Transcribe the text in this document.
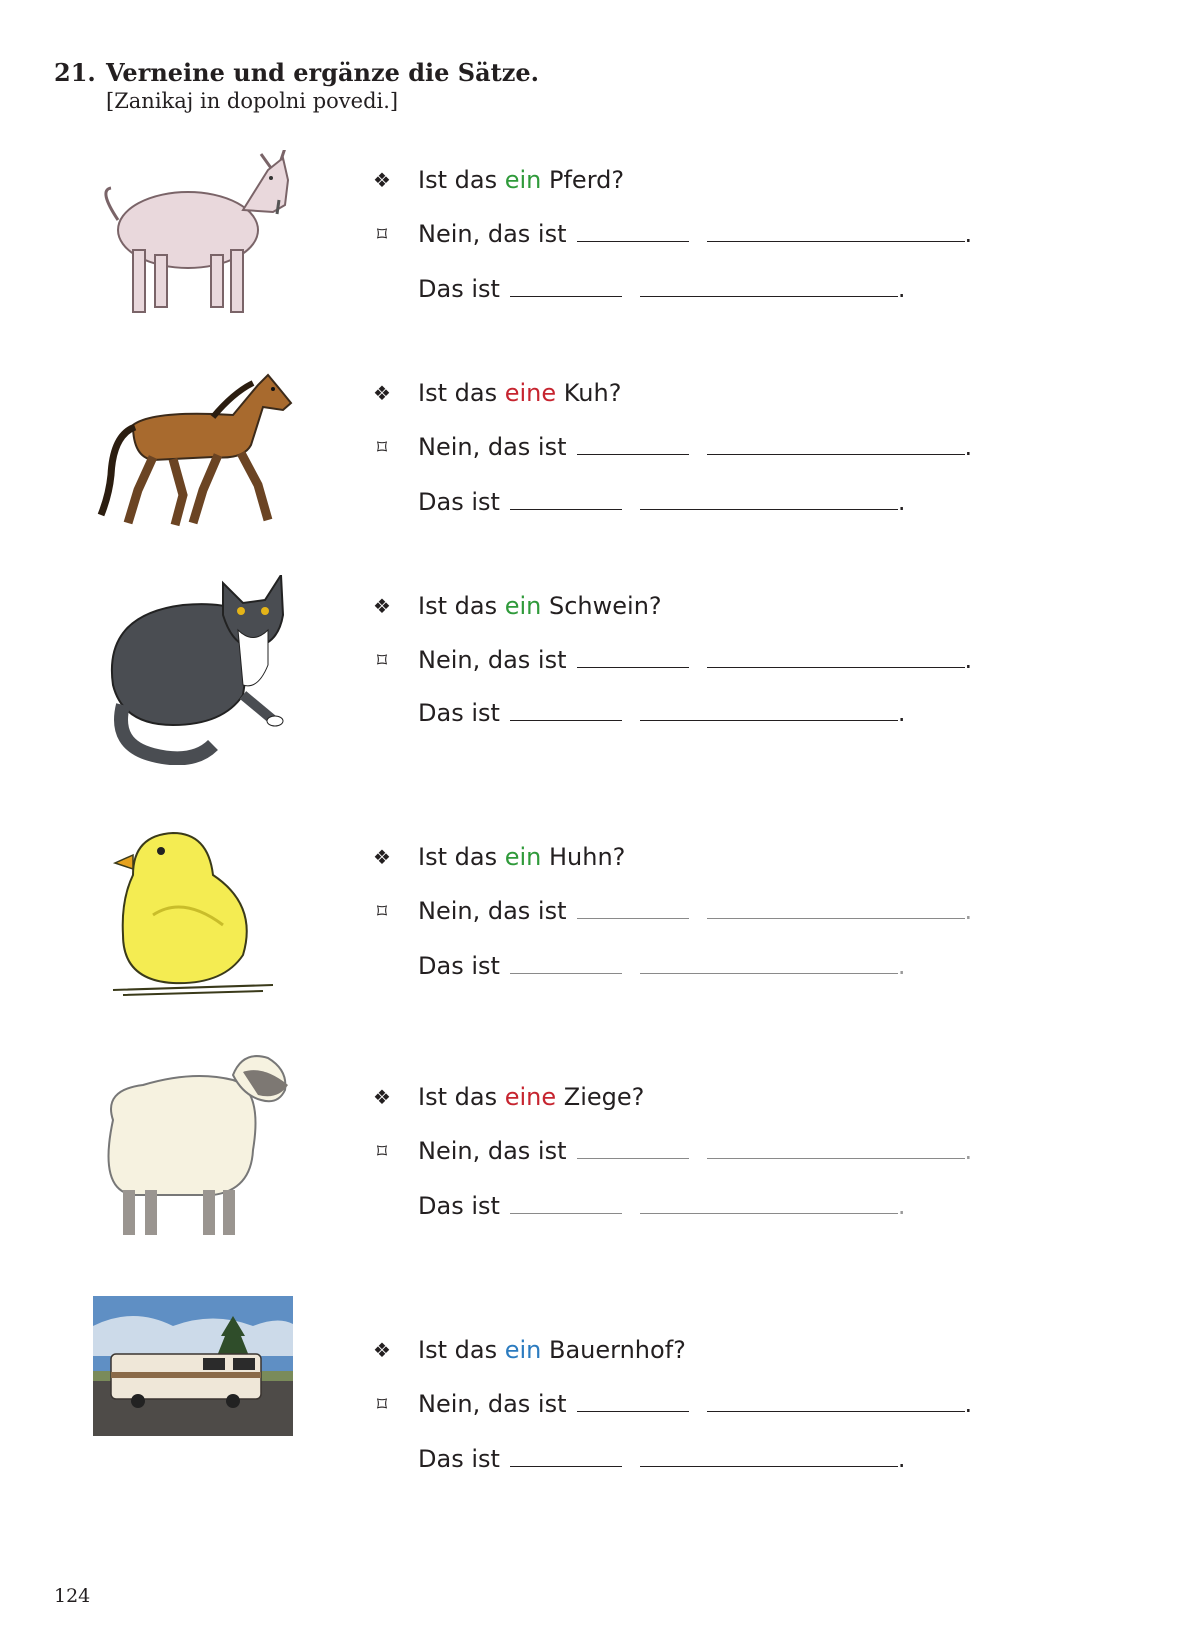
21. Verneine und ergänze die Sätze.
[Zanikaj in dopolni povedi.]
❖ Ist das ein Pferd?
⌑ Nein, das ist	.
Das ist	.
❖ Ist das eine Kuh?
⌑ Nein, das ist	.
Das ist	.
❖ Ist das ein Schwein?
⌑ Nein, das ist	.
Das ist	.
❖ Ist das ein Huhn?
⌑ Nein, das ist	.
Das ist	.
❖ Ist das eine Ziege?
⌑ Nein, das ist	.
Das ist	.
❖ Ist das ein Bauernhof?
⌑ Nein, das ist	.
Das ist	.
124
